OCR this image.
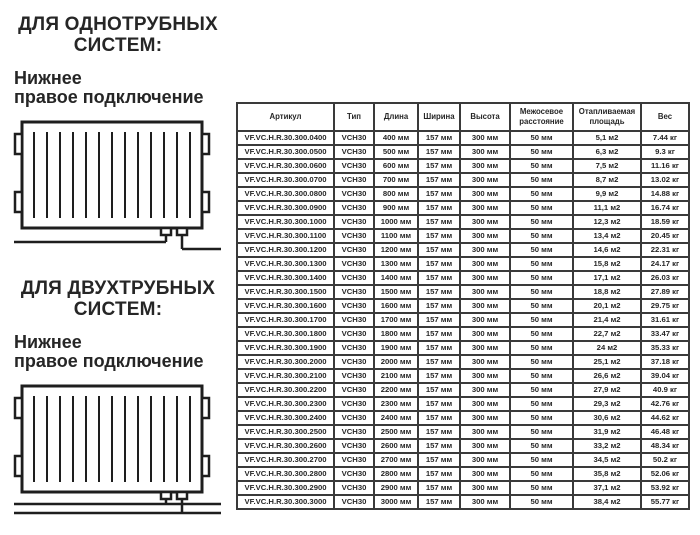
ДЛЯ ОДНОТРУБНЫХ
СИСТЕМ:

Нижнее
правое подключение

ДЛЯ ДВУХТРУБНЫХ
СИСТЕМ:

Нижнее
правое подключение

Артикул	Тип	Длина	Ширина	Высота	Межосевое расстояние	Отапливаемая площадь	Вес
VF.VC.H.R.30.300.0400	VCH30	400 мм	157 мм	300 мм	50 мм	5,1 м2	7.44 кг
VF.VC.H.R.30.300.0500	VCH30	500 мм	157 мм	300 мм	50 мм	6,3 м2	9.3 кг
VF.VC.H.R.30.300.0600	VCH30	600 мм	157 мм	300 мм	50 мм	7,5 м2	11.16 кг
VF.VC.H.R.30.300.0700	VCH30	700 мм	157 мм	300 мм	50 мм	8,7 м2	13.02 кг
VF.VC.H.R.30.300.0800	VCH30	800 мм	157 мм	300 мм	50 мм	9,9 м2	14.88 кг
VF.VC.H.R.30.300.0900	VCH30	900 мм	157 мм	300 мм	50 мм	11,1 м2	16.74 кг
VF.VC.H.R.30.300.1000	VCH30	1000 мм	157 мм	300 мм	50 мм	12,3 м2	18.59 кг
VF.VC.H.R.30.300.1100	VCH30	1100 мм	157 мм	300 мм	50 мм	13,4 м2	20.45 кг
VF.VC.H.R.30.300.1200	VCH30	1200 мм	157 мм	300 мм	50 мм	14,6 м2	22.31 кг
VF.VC.H.R.30.300.1300	VCH30	1300 мм	157 мм	300 мм	50 мм	15,8 м2	24.17 кг
VF.VC.H.R.30.300.1400	VCH30	1400 мм	157 мм	300 мм	50 мм	17,1 м2	26.03 кг
VF.VC.H.R.30.300.1500	VCH30	1500 мм	157 мм	300 мм	50 мм	18,8 м2	27.89 кг
VF.VC.H.R.30.300.1600	VCH30	1600 мм	157 мм	300 мм	50 мм	20,1 м2	29.75 кг
VF.VC.H.R.30.300.1700	VCH30	1700 мм	157 мм	300 мм	50 мм	21,4 м2	31.61 кг
VF.VC.H.R.30.300.1800	VCH30	1800 мм	157 мм	300 мм	50 мм	22,7 м2	33.47 кг
VF.VC.H.R.30.300.1900	VCH30	1900 мм	157 мм	300 мм	50 мм	24 м2	35.33 кг
VF.VC.H.R.30.300.2000	VCH30	2000 мм	157 мм	300 мм	50 мм	25,1 м2	37.18 кг
VF.VC.H.R.30.300.2100	VCH30	2100 мм	157 мм	300 мм	50 мм	26,6 м2	39.04 кг
VF.VC.H.R.30.300.2200	VCH30	2200 мм	157 мм	300 мм	50 мм	27,9 м2	40.9 кг
VF.VC.H.R.30.300.2300	VCH30	2300 мм	157 мм	300 мм	50 мм	29,3 м2	42.76 кг
VF.VC.H.R.30.300.2400	VCH30	2400 мм	157 мм	300 мм	50 мм	30,6 м2	44.62 кг
VF.VC.H.R.30.300.2500	VCH30	2500 мм	157 мм	300 мм	50 мм	31,9 м2	46.48 кг
VF.VC.H.R.30.300.2600	VCH30	2600 мм	157 мм	300 мм	50 мм	33,2 м2	48.34 кг
VF.VC.H.R.30.300.2700	VCH30	2700 мм	157 мм	300 мм	50 мм	34,5 м2	50.2 кг
VF.VC.H.R.30.300.2800	VCH30	2800 мм	157 мм	300 мм	50 мм	35,8 м2	52.06 кг
VF.VC.H.R.30.300.2900	VCH30	2900 мм	157 мм	300 мм	50 мм	37,1 м2	53.92 кг
VF.VC.H.R.30.300.3000	VCH30	3000 мм	157 мм	300 мм	50 мм	38,4 м2	55.77 кг
